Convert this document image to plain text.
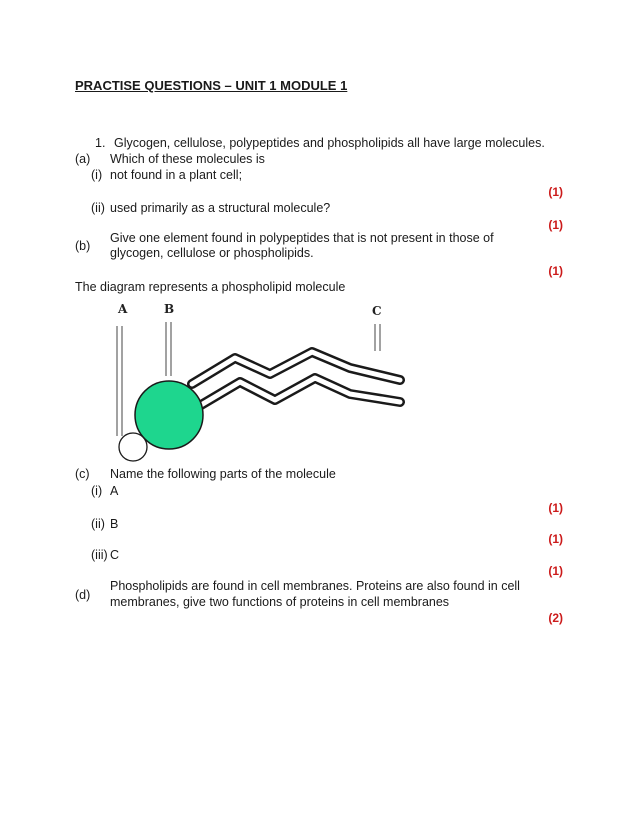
PRACTISE QUESTIONS – UNIT 1 MODULE 1
1. Glycogen, cellulose, polypeptides and phospholipids all have large molecules.
(a) Which of these molecules is
(i) not found in a plant cell;
(1)
(ii) used primarily as a structural molecule?
(1)
(b)
Give one element found in polypeptides that is not present in those of
glycogen, cellulose or phospholipids.
(1)
The diagram represents a phospholipid molecule
A	B	C
(c) Name the following parts of the molecule
(i) A
(1)
(ii) B
(1)
(iii) C
(1)
(d)
Phospholipids are found in cell membranes. Proteins are also found in cell
membranes, give two functions of proteins in cell membranes
(2)
